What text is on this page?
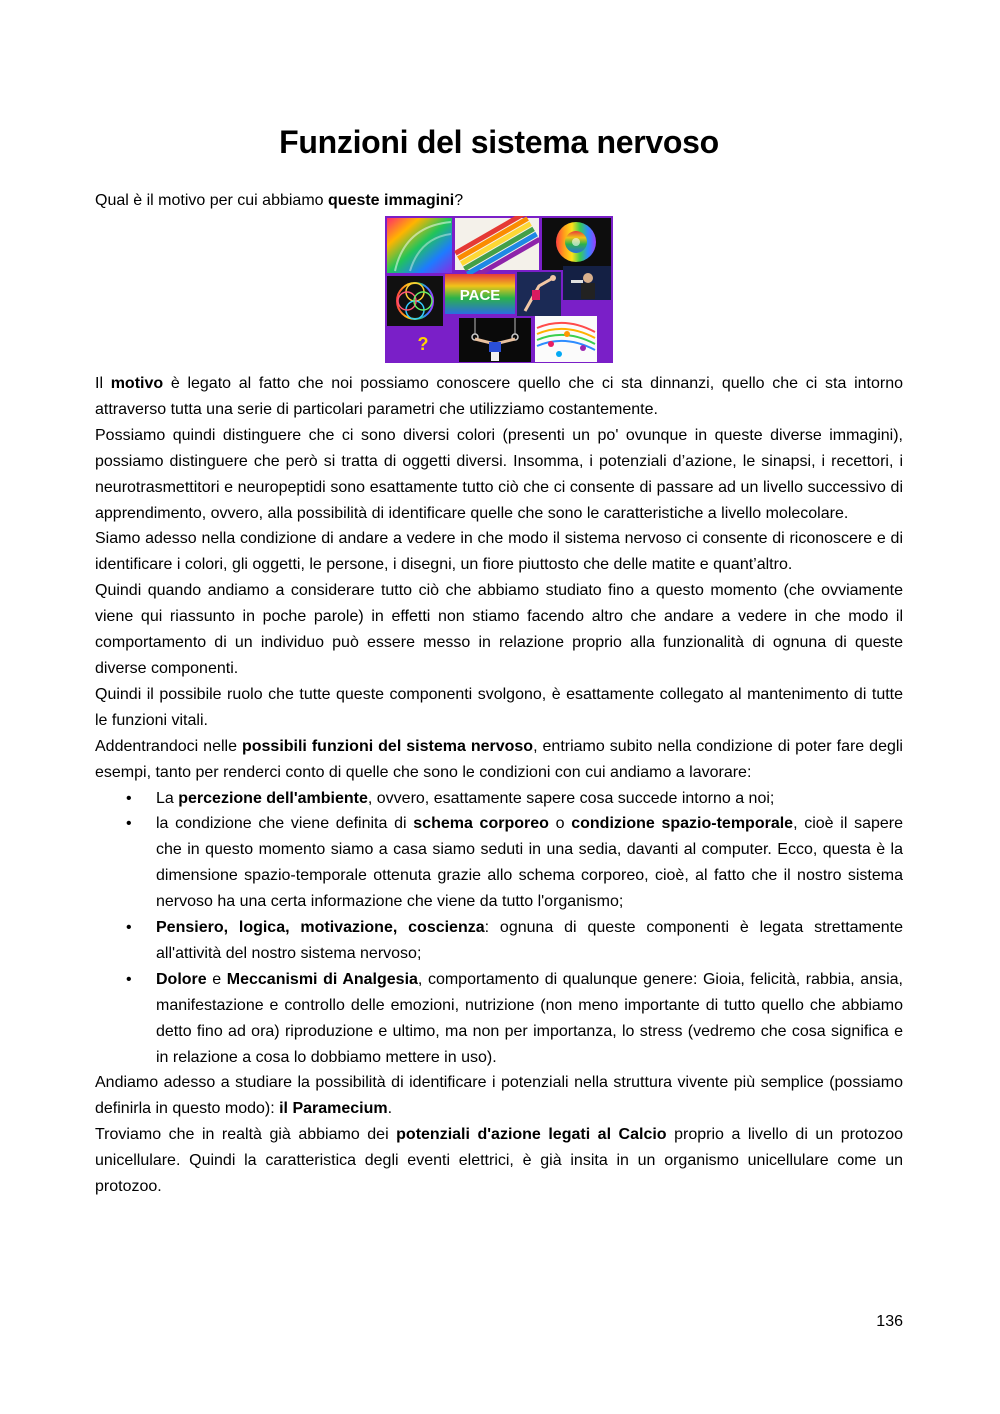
Funzioni del sistema nervoso

Qual è il motivo per cui abbiamo queste immagini?

PACE
?

Il motivo è legato al fatto che noi possiamo conoscere quello che ci sta dinnanzi, quello che ci sta intorno attraverso tutta una serie di particolari parametri che utilizziamo costantemente.

Possiamo quindi distinguere che ci sono diversi colori (presenti un po' ovunque in queste diverse immagini), possiamo distinguere che però si tratta di oggetti diversi. Insomma, i potenziali d’azione, le sinapsi, i recettori, i neurotrasmettitori e neuropeptidi sono esattamente tutto ciò che ci consente di passare ad un livello successivo di apprendimento, ovvero, alla possibilità di identificare quelle che sono le caratteristiche a livello molecolare.

Siamo adesso nella condizione di andare a vedere in che modo il sistema nervoso ci consente di riconoscere e di identificare i colori, gli oggetti, le persone, i disegni, un fiore piuttosto che delle matite e quant’altro.

Quindi quando andiamo a considerare tutto ciò che abbiamo studiato fino a questo momento (che ovviamente viene qui riassunto in poche parole) in effetti non stiamo facendo altro che andare a vedere in che modo il comportamento di un individuo può essere messo in relazione proprio alla funzionalità di ognuna di queste diverse componenti.

Quindi il possibile ruolo che tutte queste componenti svolgono, è esattamente collegato al mantenimento di tutte le funzioni vitali.

Addentrandoci nelle possibili funzioni del sistema nervoso, entriamo subito nella condizione di poter fare degli esempi, tanto per renderci conto di quelle che sono le condizioni con cui andiamo a lavorare:

• La percezione dell'ambiente, ovvero, esattamente sapere cosa succede intorno a noi;
• la condizione che viene definita di schema corporeo o condizione spazio-temporale, cioè il sapere che in questo momento siamo a casa siamo seduti in una sedia, davanti al computer. Ecco, questa è la dimensione spazio-temporale ottenuta grazie allo schema corporeo, cioè, al fatto che il nostro sistema nervoso ha una certa informazione che viene da tutto l'organismo;
• Pensiero, logica, motivazione, coscienza: ognuna di queste componenti è legata strettamente all'attività del nostro sistema nervoso;
• Dolore e Meccanismi di Analgesia, comportamento di qualunque genere: Gioia, felicità, rabbia, ansia, manifestazione e controllo delle emozioni, nutrizione (non meno importante di tutto quello che abbiamo detto fino ad ora) riproduzione e ultimo, ma non per importanza, lo stress (vedremo che cosa significa e in relazione a cosa lo dobbiamo mettere in uso).

Andiamo adesso a studiare la possibilità di identificare i potenziali nella struttura vivente più semplice (possiamo definirla in questo modo): il Paramecium.

Troviamo che in realtà già abbiamo dei potenziali d'azione legati al Calcio proprio a livello di un protozoo unicellulare. Quindi la caratteristica degli eventi elettrici, è già insita in un organismo unicellulare come un protozoo.

136
